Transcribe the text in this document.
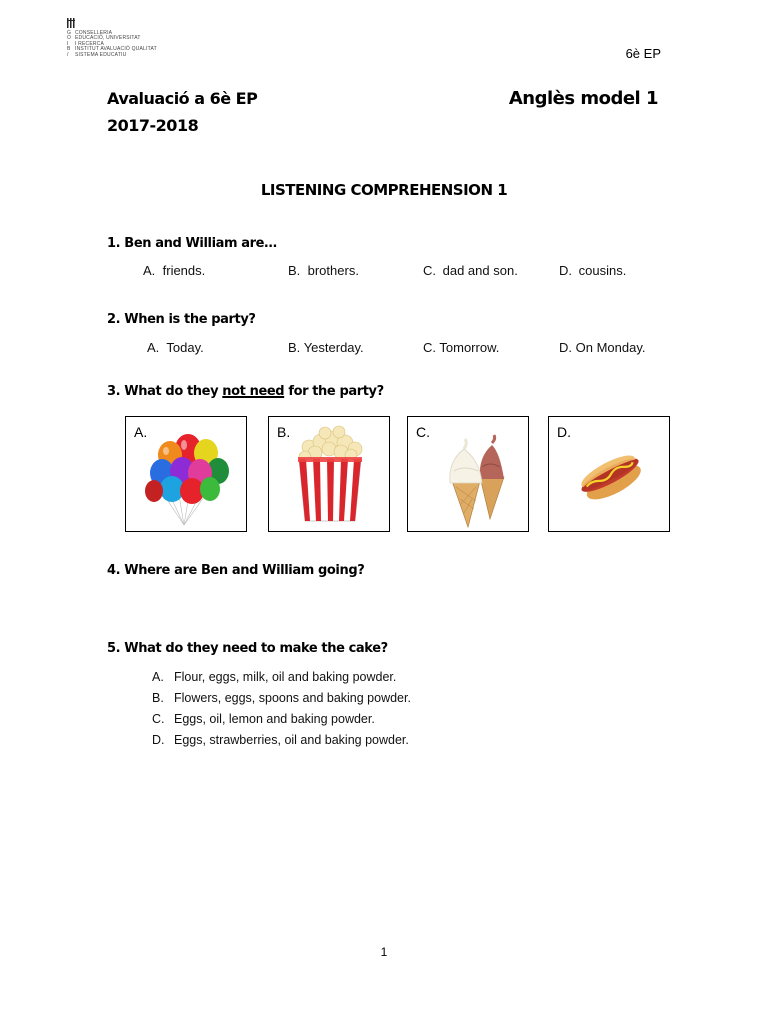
G CONSELLERIA
O EDUCACIÓ, UNIVERSITAT
I	I RECERCA
B INSTITUT AVALUACIÓ QUALITAT
/	SISTEMA EDUCATIU	6è EP
Avaluació a 6è EP
2017-2018
Anglès model 1
LISTENING COMPREHENSION 1
1. Ben and William are…
A. friends.	B. brothers.	C. dad and son.	D. cousins.
2. When is the party?
A. Today.	B. Yesterday.	C. Tomorrow.	D. On Monday.
3. What do they not need for the party?
A.	B.	C.	D.
4. Where are Ben and William going?
5. What do they need to make the cake?
A. Flour, eggs, milk, oil and baking powder.
B. Flowers, eggs, spoons and baking powder.
C. Eggs, oil, lemon and baking powder.
D. Eggs, strawberries, oil and baking powder.
1
